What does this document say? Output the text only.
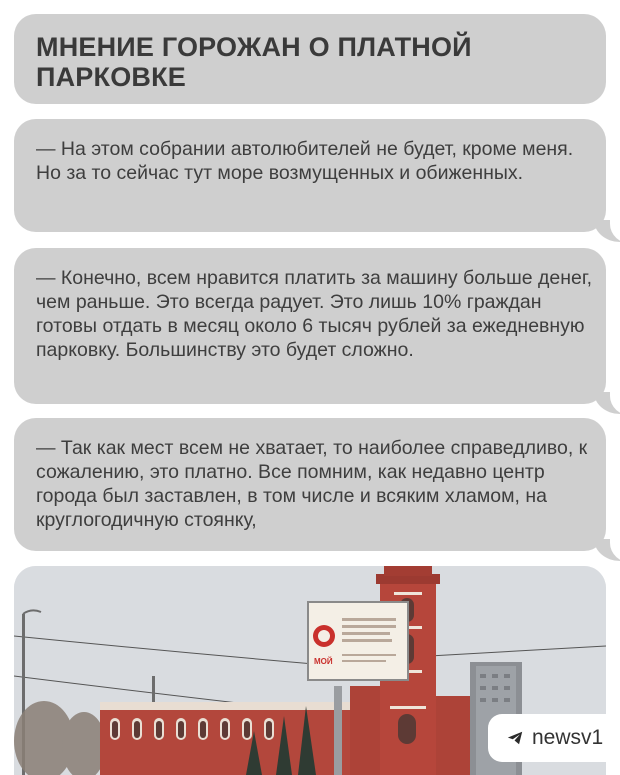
МНЕНИЕ ГОРОЖАН О ПЛАТНОЙ ПАРКОВКЕ
— На этом собрании автолюбителей не будет, кроме меня. Но за то сейчас тут море возмущенных и обиженных.
— Конечно, всем нравится платить за машину больше денег, чем раньше. Это всегда радует. Это лишь 10% граждан готовы отдать в месяц около 6 тысяч рублей за ежедневную парковку. Большинству это будет сложно.
— Так как мест всем не хватает, то наиболее справедливо, к сожалению, это платно. Все помним, как недавно центр города был заставлен, в том числе и всяким хламом, на круглогодичную стоянку,
МОЙ
newsv1
